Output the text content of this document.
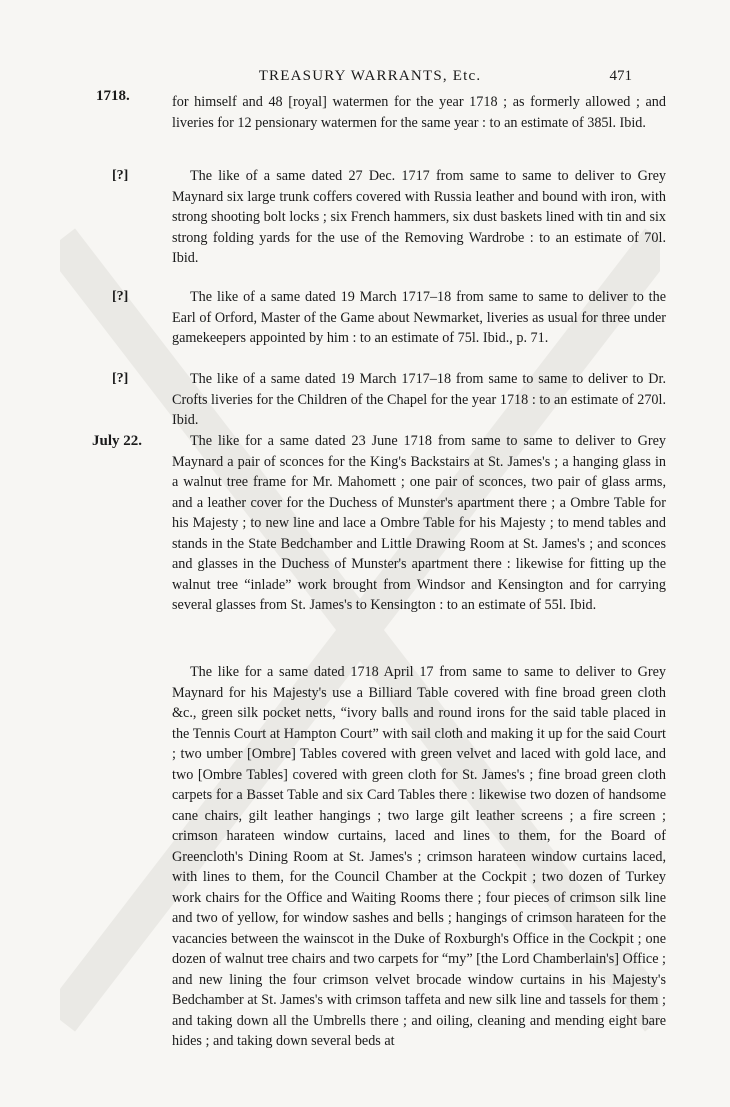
TREASURY WARRANTS, Etc.	471
1718.	for himself and 48 [royal] watermen for the year 1718 ; as formerly allowed ; and liveries for 12 pensionary watermen for the same year : to an estimate of 385l. Ibid.

[?]	The like of a same dated 27 Dec. 1717 from same to same to deliver to Grey Maynard six large trunk coffers covered with Russia leather and bound with iron, with strong shooting bolt locks ; six French hammers, six dust baskets lined with tin and six strong folding yards for the use of the Removing Wardrobe : to an estimate of 70l. Ibid.

[?]	The like of a same dated 19 March 1717–18 from same to same to deliver to the Earl of Orford, Master of the Game about Newmarket, liveries as usual for three under gamekeepers appointed by him : to an estimate of 75l. Ibid., p. 71.

[?]	The like of a same dated 19 March 1717–18 from same to same to deliver to Dr. Crofts liveries for the Children of the Chapel for the year 1718 : to an estimate of 270l. Ibid.

July 22.	The like for a same dated 23 June 1718 from same to same to deliver to Grey Maynard a pair of sconces for the King's Backstairs at St. James's ; a hanging glass in a walnut tree frame for Mr. Mahomett ; one pair of sconces, two pair of glass arms, and a leather cover for the Duchess of Munster's apartment there ; a Ombre Table for his Majesty ; to new line and lace a Ombre Table for his Majesty ; to mend tables and stands in the State Bedchamber and Little Drawing Room at St. James's ; and sconces and glasses in the Duchess of Munster's apartment there : likewise for fitting up the walnut tree “inlade” work brought from Windsor and Kensington and for carrying several glasses from St. James's to Kensington : to an estimate of 55l. Ibid.

The like for a same dated 1718 April 17 from same to same to deliver to Grey Maynard for his Majesty's use a Billiard Table covered with fine broad green cloth &c., green silk pocket netts, “ivory balls and round irons for the said table placed in the Tennis Court at Hampton Court” with sail cloth and making it up for the said Court ; two umber [Ombre] Tables covered with green velvet and laced with gold lace, and two [Ombre Tables] covered with green cloth for St. James's ; fine broad green cloth carpets for a Basset Table and six Card Tables there : likewise two dozen of handsome cane chairs, gilt leather hangings ; two large gilt leather screens ; a fire screen ; crimson harateen window curtains, laced and lines to them, for the Board of Greencloth's Dining Room at St. James's ; crimson harateen window curtains laced, with lines to them, for the Council Chamber at the Cockpit ; two dozen of Turkey work chairs for the Office and Waiting Rooms there ; four pieces of crimson silk line and two of yellow, for window sashes and bells ; hangings of crimson harateen for the vacancies between the wainscot in the Duke of Roxburgh's Office in the Cockpit ; one dozen of walnut tree chairs and two carpets for “my” [the Lord Chamberlain's] Office ; and new lining the four crimson velvet brocade window curtains in his Majesty's Bedchamber at St. James's with crimson taffeta and new silk line and tassels for them ; and taking down all the Umbrells there ; and oiling, cleaning and mending eight bare hides ; and taking down several beds at
